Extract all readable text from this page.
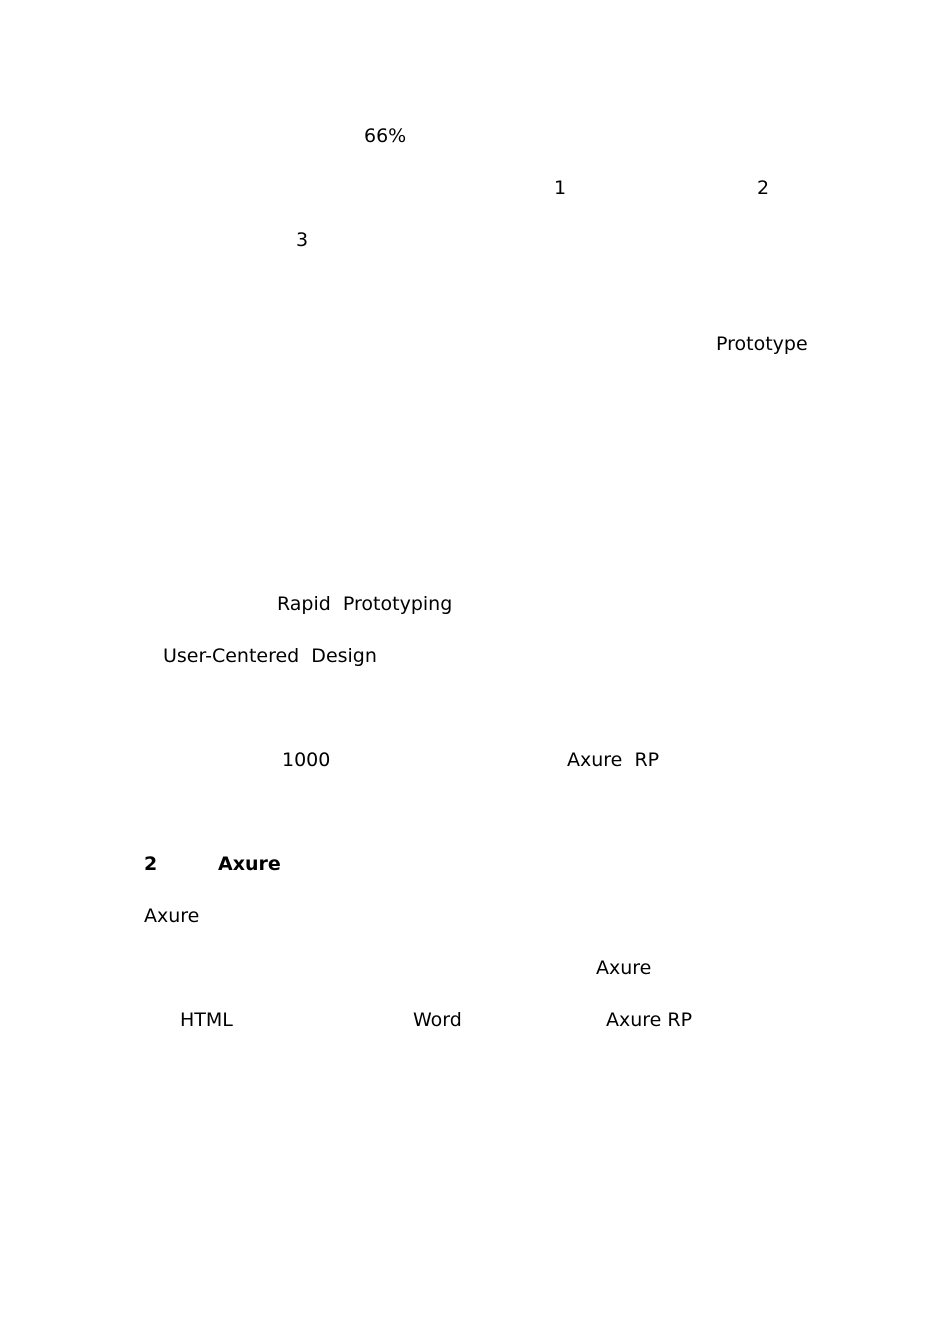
66%
1	2
3
Prototype
Rapid  Prototyping
User-Centered  Design
1000	Axure  RP
2	Axure
Axure
Axure
HTML	Word	Axure RP
